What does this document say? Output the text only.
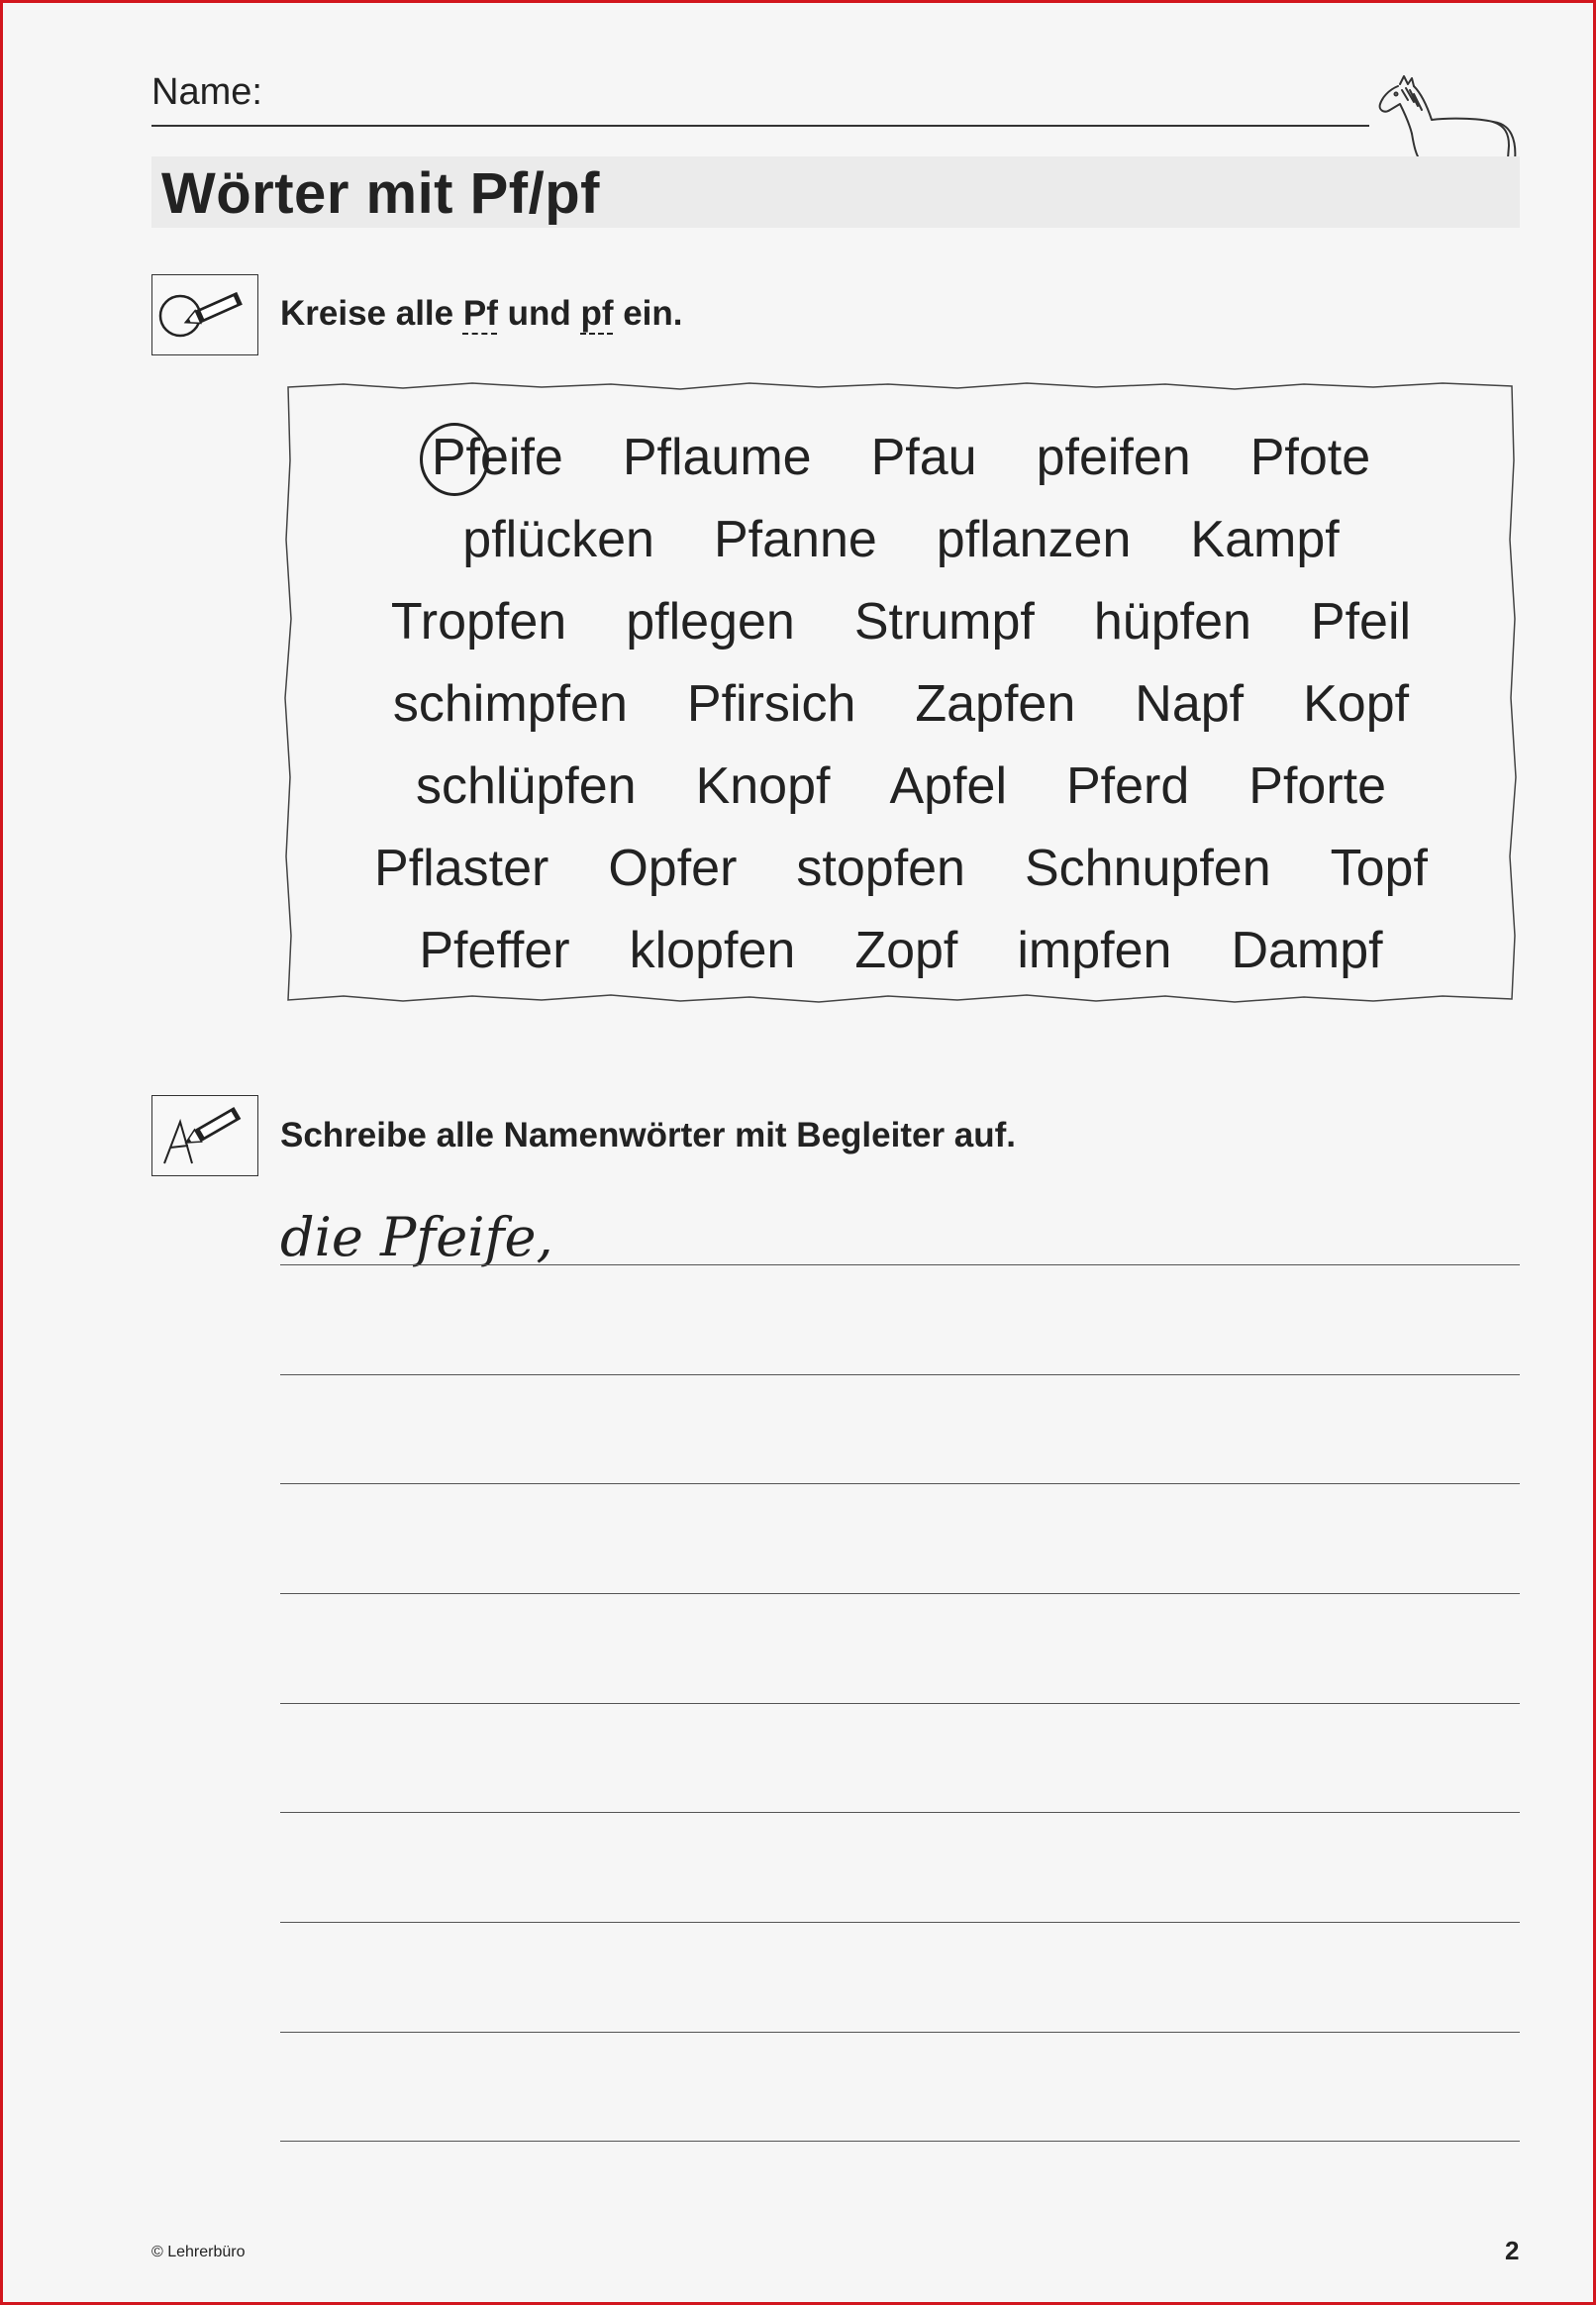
Name:
Wörter mit Pf/pf
Kreise alle Pf und pf ein.
Pfeife Pflaume Pfau pfeifen Pfote
pflücken Pfanne pflanzen Kampf
Tropfen pflegen Strumpf hüpfen Pfeil
schimpfen Pfirsich Zapfen Napf Kopf
schlüpfen Knopf Apfel Pferd Pforte
Pflaster Opfer stopfen Schnupfen Topf
Pfeffer klopfen Zopf impfen Dampf
Schreibe alle Namenwörter mit Begleiter auf.
die Pfeife,
© Lehrerbüro	2
